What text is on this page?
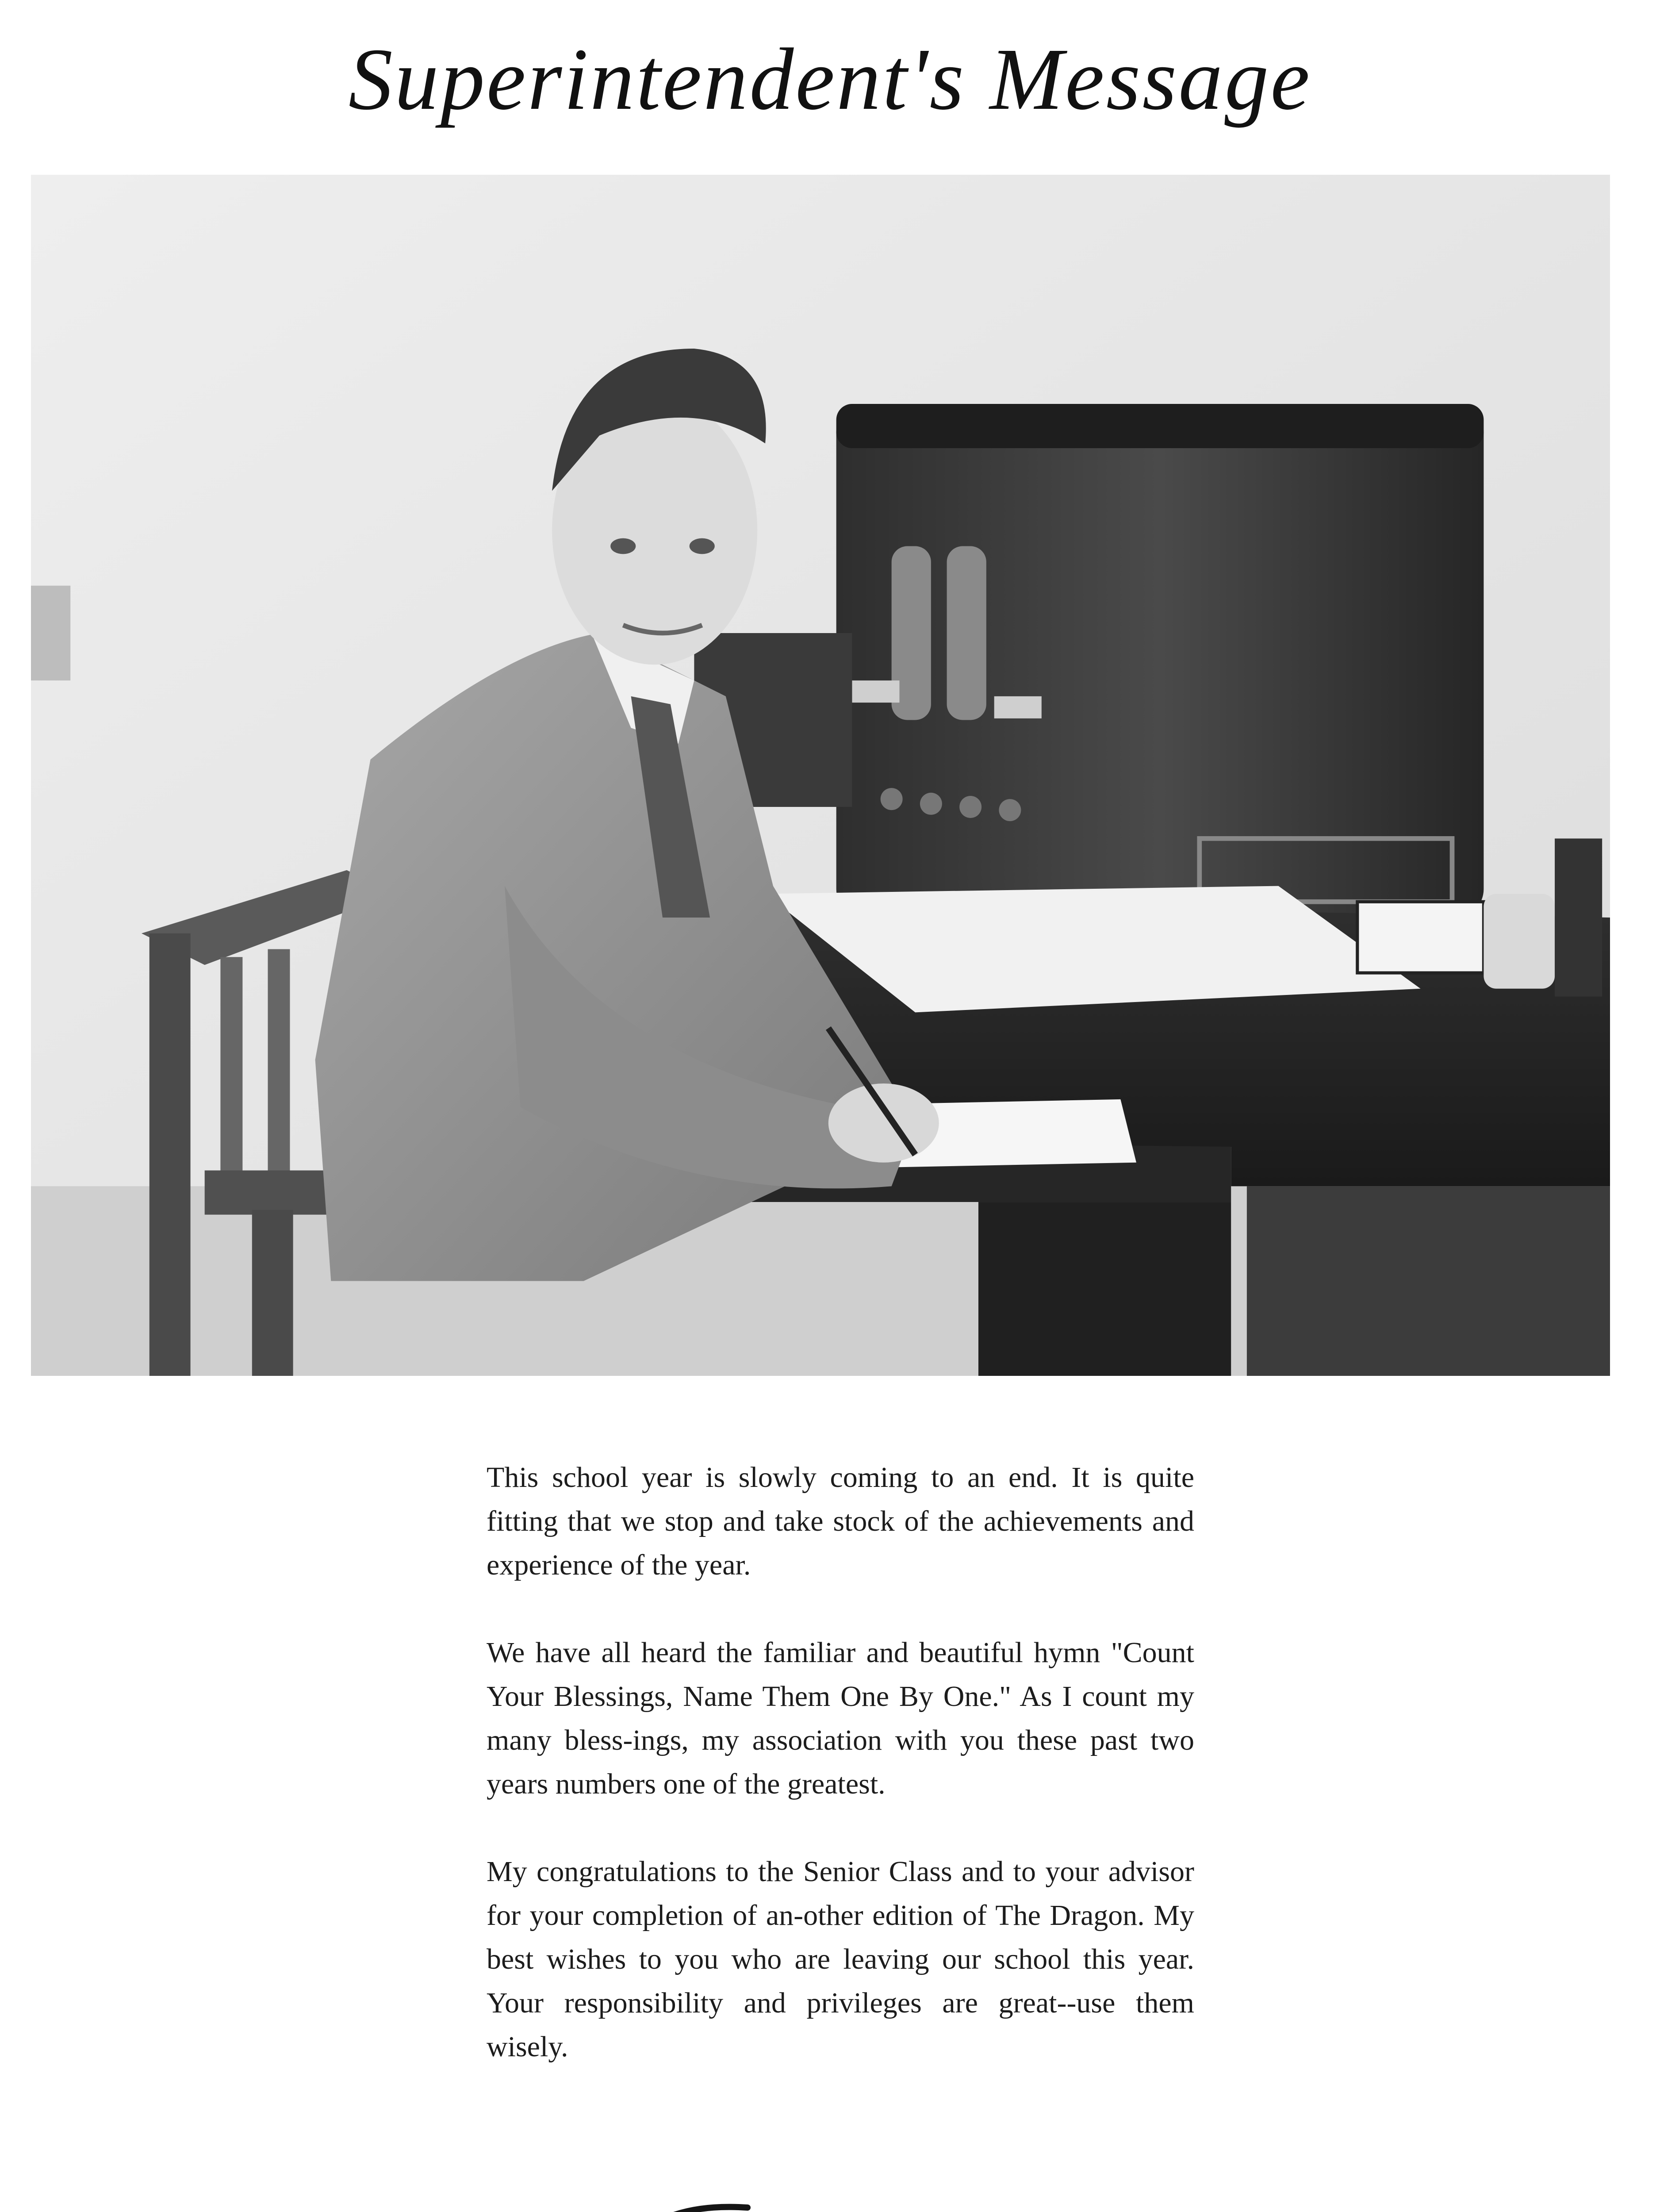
Superintendent's Message

This school year is slowly coming to an end. It is quite fitting that we stop and take stock of the achievements and experience of the year.

We have all heard the familiar and beautiful hymn "Count Your Blessings, Name Them One By One." As I count my many bless-ings, my association with you these past two years numbers one of the greatest.

My congratulations to the Senior Class and to your advisor for your completion of an-other edition of The Dragon. My best wishes to you who are leaving our school this year. Your responsibility and privileges are great--use them wisely.
